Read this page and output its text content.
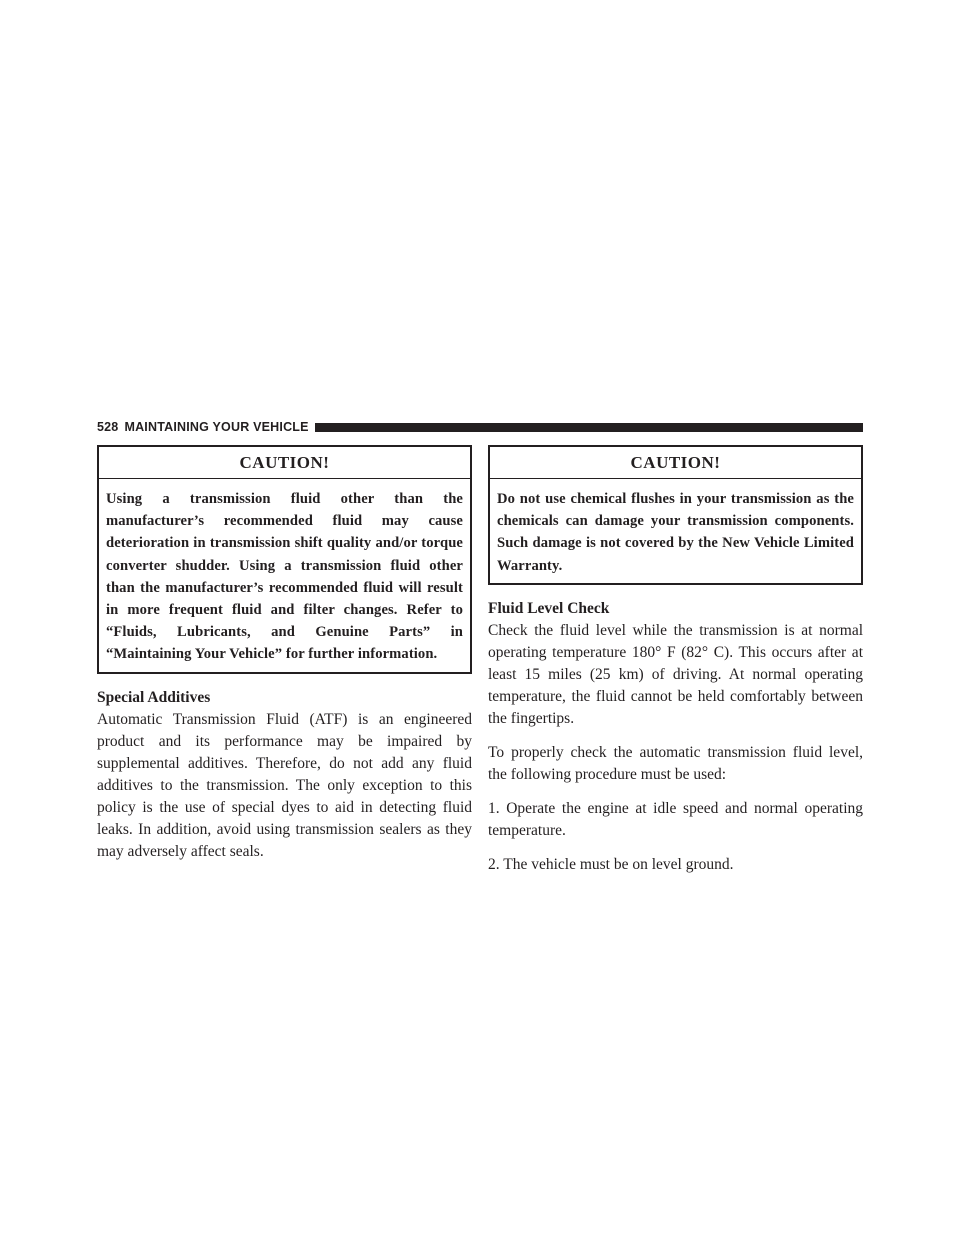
528 MAINTAINING YOUR VEHICLE
CAUTION!
Using a transmission fluid other than the manufacturer’s recommended fluid may cause deterioration in transmission shift quality and/or torque converter shudder. Using a transmission fluid other than the manufacturer’s recommended fluid will result in more frequent fluid and filter changes. Refer to “Fluids, Lubricants, and Genuine Parts” in “Maintaining Your Vehicle” for further information.
Special Additives

Automatic Transmission Fluid (ATF) is an engineered product and its performance may be impaired by supplemental additives. Therefore, do not add any fluid additives to the transmission. The only exception to this policy is the use of special dyes to aid in detecting fluid leaks. In addition, avoid using transmission sealers as they may adversely affect seals.

CAUTION!
Do not use chemical flushes in your transmission as the chemicals can damage your transmission components. Such damage is not covered by the New Vehicle Limited Warranty.
Fluid Level Check

Check the fluid level while the transmission is at normal operating temperature 180° F (82° C). This occurs after at least 15 miles (25 km) of driving. At normal operating temperature, the fluid cannot be held comfortably between the fingertips.

To properly check the automatic transmission fluid level, the following procedure must be used:

1. Operate the engine at idle speed and normal operating temperature.

2. The vehicle must be on level ground.
